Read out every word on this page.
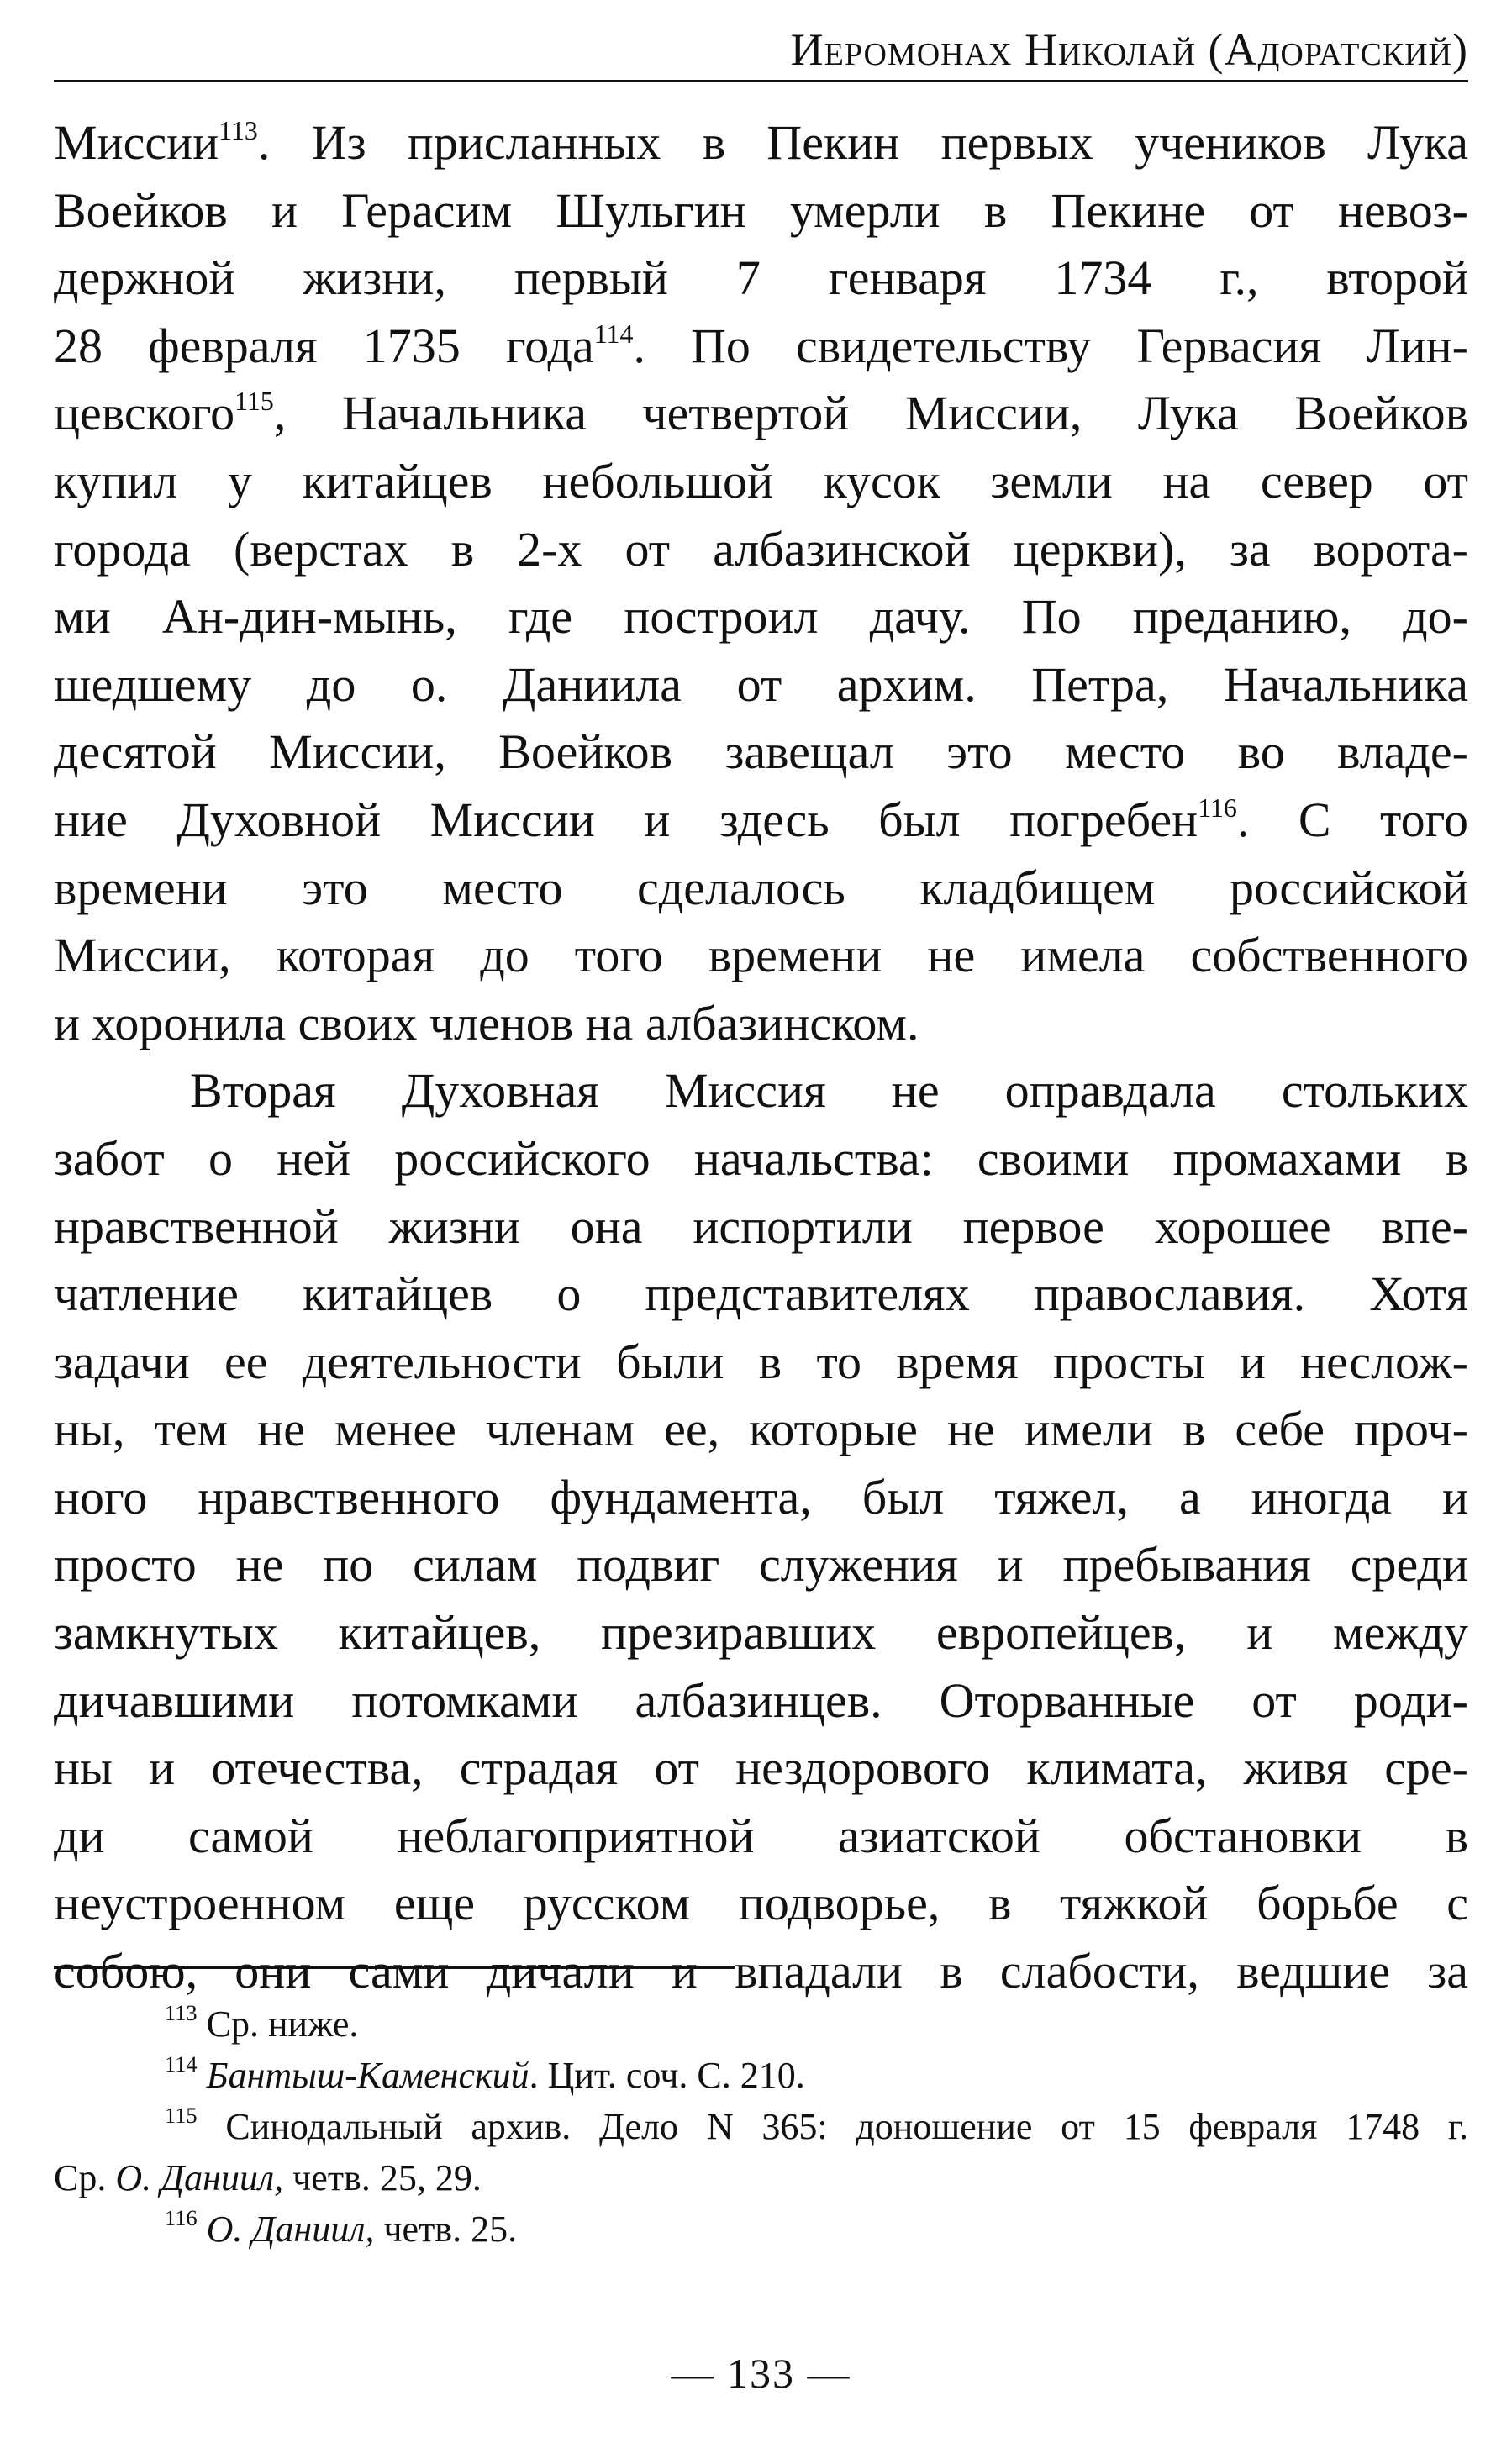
Иеромонах Николай (Адоратский)
Миссии$^{113}$. Из присланных в Пекин первых учеников Лука
Воейков и Герасим Шульгин умерли в Пекине от невоз-
держной жизни, первый 7 генваря 1734 г., второй
28 февраля 1735 года$^{114}$. По свидетельству Гервасия Лин-
цевского$^{115}$, Начальника четвертой Миссии, Лука Воейков
купил у китайцев небольшой кусок земли на север от
города (верстах в 2-х от албазинской церкви), за ворота-
ми Ан-дин-мынь, где построил дачу. По преданию, до-
шедшему до о. Даниила от архим. Петра, Начальника
десятой Миссии, Воейков завещал это место во владе-
ние Духовной Миссии и здесь был погребен$^{116}$. С того
времени это место сделалось кладбищем российской
Миссии, которая до того времени не имела собственного
и хоронила своих членов на албазинском.
Вторая Духовная Миссия не оправдала стольких
забот о ней российского начальства: своими промахами в
нравственной жизни она испортили первое хорошее впе-
чатление китайцев о представителях православия. Хотя
задачи ее деятельности были в то время просты и неслож-
ны, тем не менее членам ее, которые не имели в себе проч-
ного нравственного фундамента, был тяжел, а иногда и
просто не по силам подвиг служения и пребывания среди
замкнутых китайцев, презиравших европейцев, и между
дичавшими потомками албазинцев. Оторванные от роди-
ны и отечества, страдая от нездорового климата, живя сре-
ди самой неблагоприятной азиатской обстановки в
неустроенном еще русском подворье, в тяжкой борьбе с
собою, они сами дичали и впадали в слабости, ведшие за
$^{113}$ Ср. ниже.
$^{114}$ Бантыш-Каменский. Цит. соч. С. 210.
$^{115}$ Синодальный архив. Дело N 365: доношение от 15 февраля 1748 г.
Ср. О. Даниил, четв. 25, 29.
$^{116}$ О. Даниил, четв. 25.
— 133 —
